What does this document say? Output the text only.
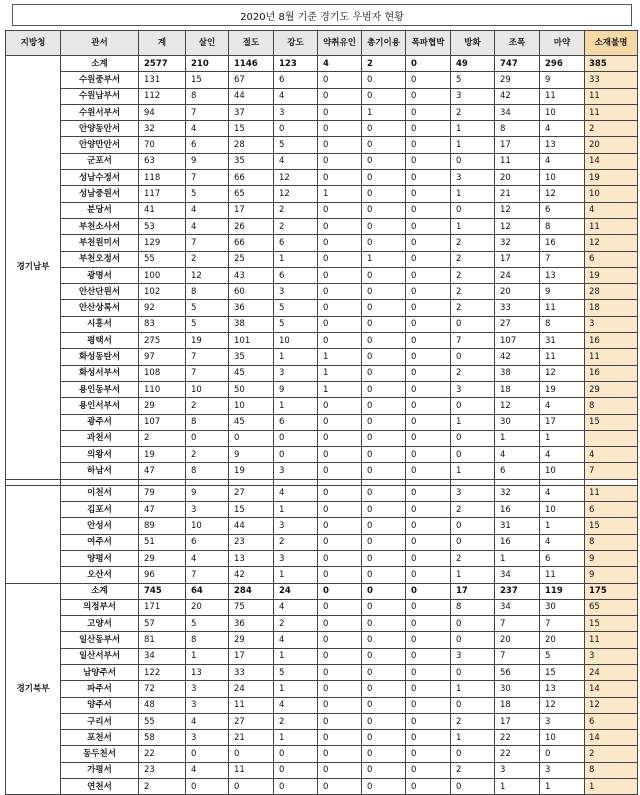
2020년 8월 기준 경기도 우범자 현황
지방청	관서	계	살인	절도	강도	약취유인	총기이용	폭파협박	방화	조폭	마약	소재불명
경기남부	소계	2577	210	1146	123	4	2	0	49	747	296	385
	수원중부서	131	15	67	6	0	0	0	5	29	9	33
	수원남부서	112	8	44	4	0	0	0	3	42	11	11
	수원서부서	94	7	37	3	0	1	0	2	34	10	11
	안양동안서	32	4	15	0	0	0	0	1	8	4	2
	안양만안서	70	6	28	5	0	0	0	1	17	13	20
	군포서	63	9	35	4	0	0	0	0	11	4	14
	성남수정서	118	7	66	12	0	0	0	3	20	10	19
	성남중원서	117	5	65	12	1	0	0	1	21	12	10
	분당서	41	4	17	2	0	0	0	0	12	6	4
	부천소사서	53	4	26	2	0	0	0	1	12	8	11
	부천원미서	129	7	66	6	0	0	0	2	32	16	12
	부천오정서	55	2	25	1	0	1	0	2	17	7	6
	광명서	100	12	43	6	0	0	0	2	24	13	19
	안산단원서	102	8	60	3	0	0	0	2	20	9	28
	안산상록서	92	5	36	5	0	0	0	2	33	11	18
	시흥서	83	5	38	5	0	0	0	0	27	8	3
	평택서	275	19	101	10	0	0	0	7	107	31	16
	화성동탄서	97	7	35	1	1	0	0	0	42	11	11
	화성서부서	108	7	45	3	1	0	0	2	38	12	16
	용인동부서	110	10	50	9	1	0	0	3	18	19	29
	용인서부서	29	2	10	1	0	0	0	0	12	4	8
	광주서	107	8	45	6	0	0	0	1	30	17	15
	과천서	2	0	0	0	0	0	0	0	1	1	
	의왕서	19	2	9	0	0	0	0	0	4	4	4
	하남서	47	8	19	3	0	0	0	1	6	10	7

	이천서	79	9	27	4	0	0	0	3	32	4	11
	김포서	47	3	15	1	0	0	0	2	16	10	6
	안성서	89	10	44	3	0	0	0	0	31	1	15
	여주서	51	6	23	2	0	0	0	0	16	4	8
	양평서	29	4	13	3	0	0	0	2	1	6	9
	오산서	96	7	42	1	0	0	0	1	34	11	9
경기북부	소계	745	64	284	24	0	0	0	17	237	119	175
	의정부서	171	20	75	4	0	0	0	8	34	30	65
	고양서	57	5	36	2	0	0	0	0	7	7	15
	일산동부서	81	8	29	4	0	0	0	0	20	20	11
	일산서부서	34	1	17	1	0	0	0	3	7	5	3
	남양주서	122	13	33	5	0	0	0	0	56	15	24
	파주서	72	3	24	1	0	0	0	1	30	13	14
	양주서	48	3	11	4	0	0	0	0	18	12	12
	구리서	55	4	27	2	0	0	0	2	17	3	6
	포천서	58	3	21	1	0	0	0	1	22	10	14
	동두천서	22	0	0	0	0	0	0	0	22	0	2
	가평서	23	4	11	0	0	0	0	2	3	3	8
	연천서	2	0	0	0	0	0	0	0	1	1	1
